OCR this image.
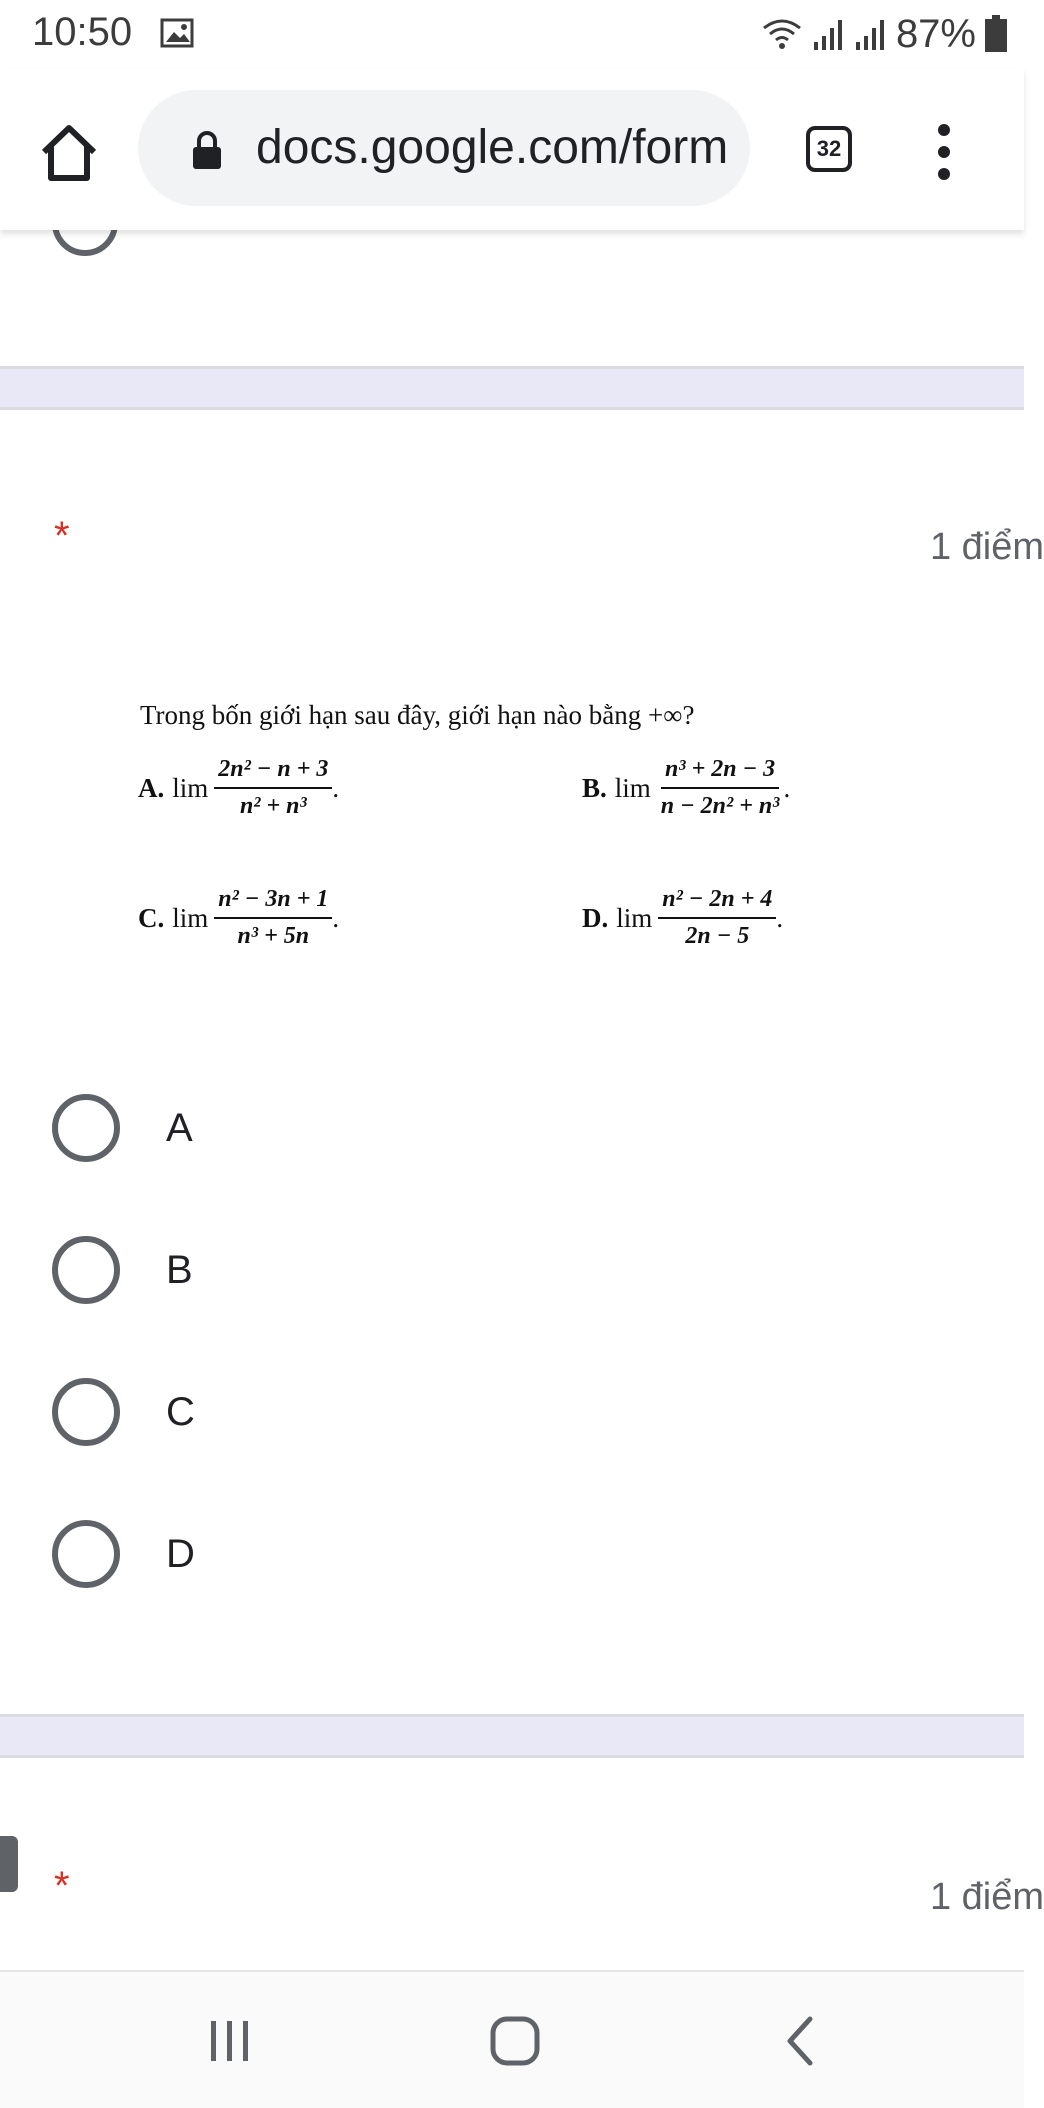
10:50	87%
docs.google.com/form	32
*	1 điểm
Trong bốn giới hạn sau đây, giới hạn nào bằng +∞?
A. $\lim \frac{\text{2n² − n + 3}}{\text{n² + n³}}$ .	B. $\lim \frac{\text{n³ + 2n − 3}}{\text{n − 2n² + n³}}$ .
C. $\lim \frac{\text{n² − 3n + 1}}{\text{n³ + 5n}}$ .	D. $\lim \frac{\text{n² − 2n + 4}}{2n - 5}$ .
A
B
C
D
*	1 điểm
